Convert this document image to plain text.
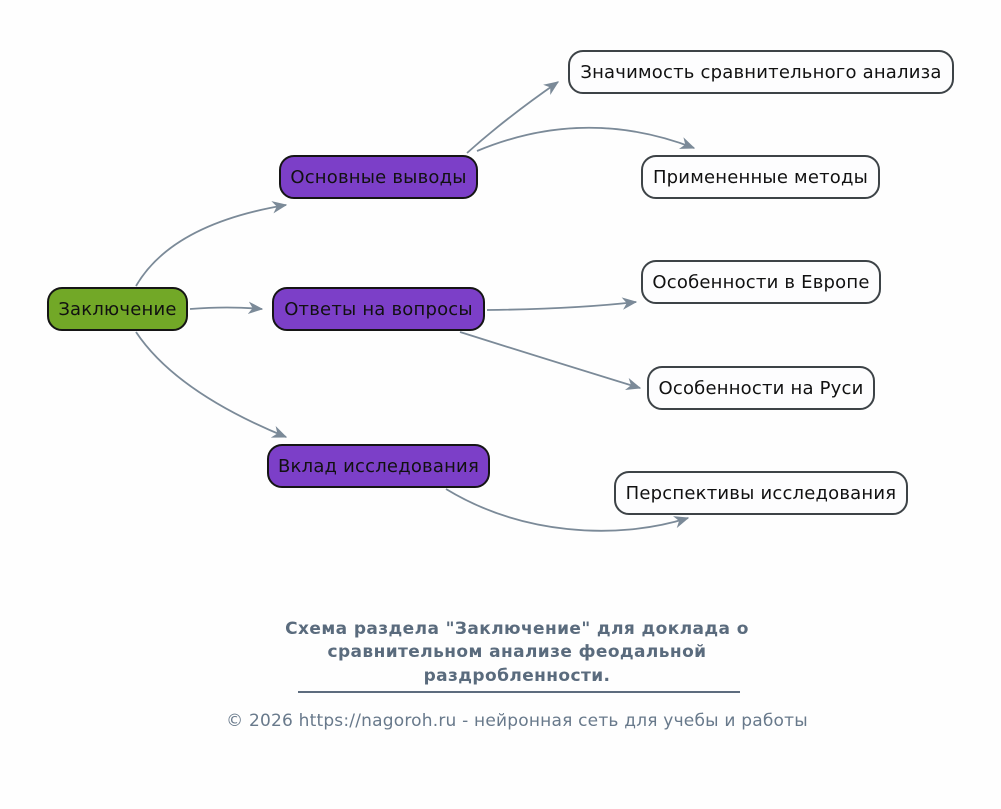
Заключение
Основные выводы
Ответы на вопросы
Вклад исследования
Значимость сравнительного анализа
Примененные методы
Особенности в Европе
Особенности на Руси
Перспективы исследования
Схема раздела "Заключение" для доклада о сравнительном анализе феодальной раздробленности.
© 2026 https://nagoroh.ru - нейронная сеть для учебы и работы
